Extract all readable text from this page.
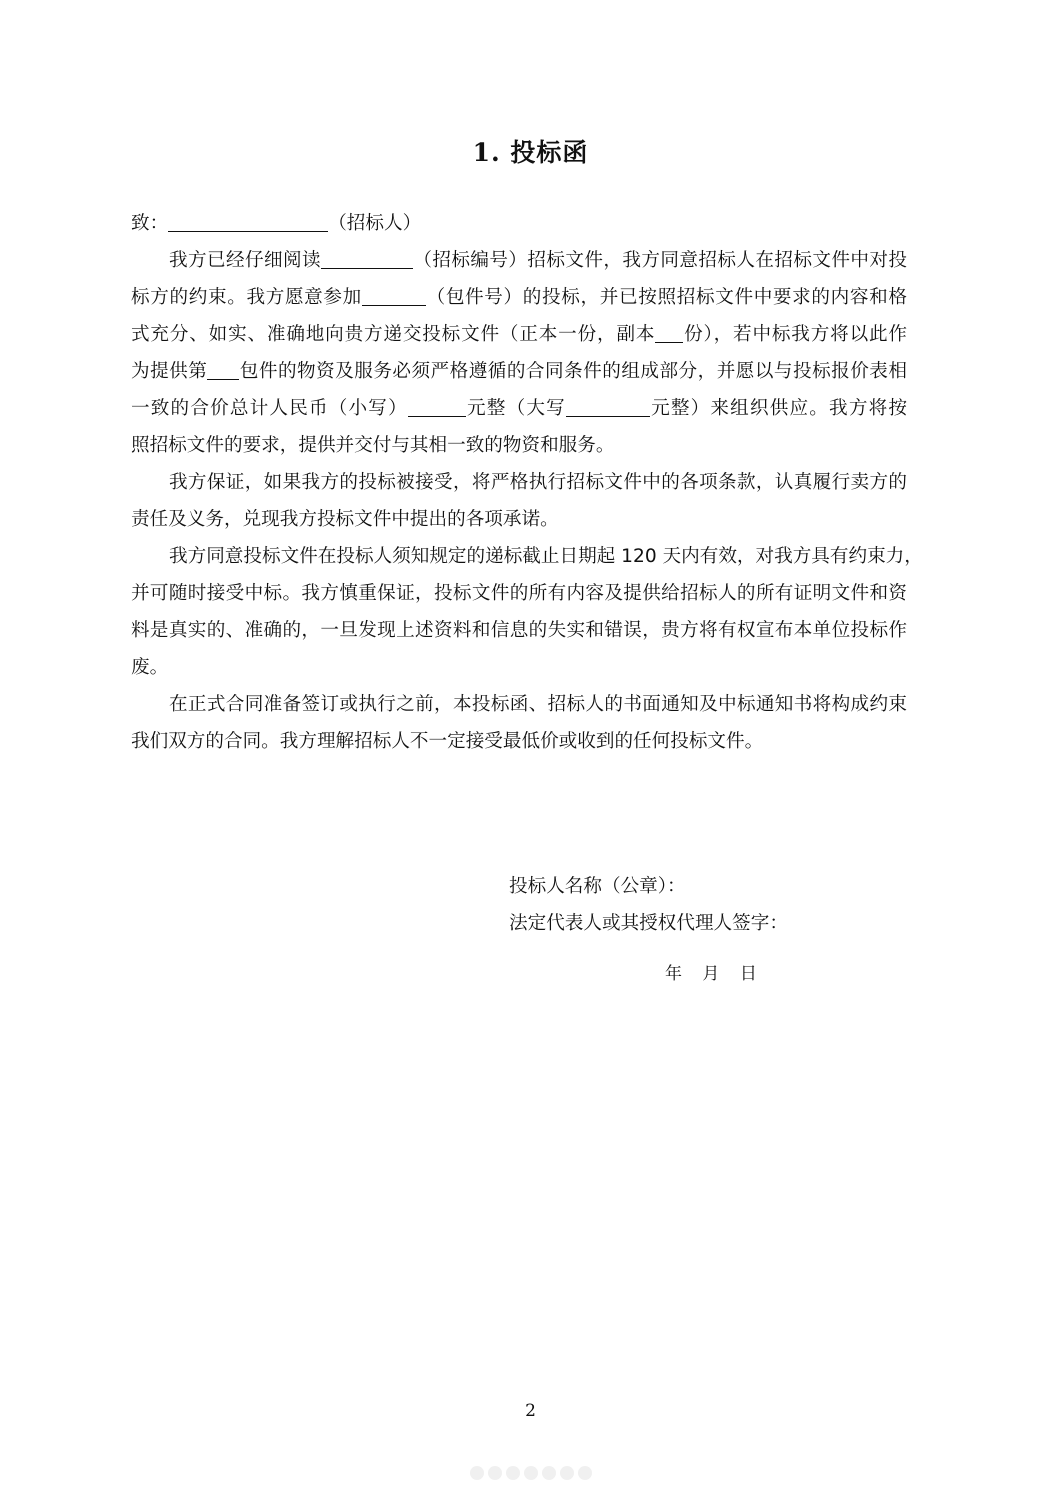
1. 投标函
致：	（招标人）
我方已经仔细阅读	（招标编号）招标文件，我方同意招标人在招标文件中对投
标方的约束。我方愿意参加	（包件号）的投标，并已按照招标文件中要求的内容和格
式充分、如实、准确地向贵方递交投标文件（正本一份，副本 份），若中标我方将以此作
为提供第 包件的物资及服务必须严格遵循的合同条件的组成部分，并愿以与投标报价表相
一致的合价总计人民币（小写）	元整（大写	元整）来组织供应。我方将按
照招标文件的要求，提供并交付与其相一致的物资和服务。
我方保证，如果我方的投标被接受，将严格执行招标文件中的各项条款，认真履行卖方的
责任及义务，兑现我方投标文件中提出的各项承诺。
我方同意投标文件在投标人须知规定的递标截止日期起 120 天内有效，对我方具有约束力，
并可随时接受中标。我方慎重保证，投标文件的所有内容及提供给招标人的所有证明文件和资
料是真实的、准确的，一旦发现上述资料和信息的失实和错误，贵方将有权宣布本单位投标作
废。
在正式合同准备签订或执行之前，本投标函、招标人的书面通知及中标通知书将构成约束
我们双方的合同。我方理解招标人不一定接受最低价或收到的任何投标文件。
投标人名称（公章）：
法定代表人或其授权代理人签字：
年 月 日
2
